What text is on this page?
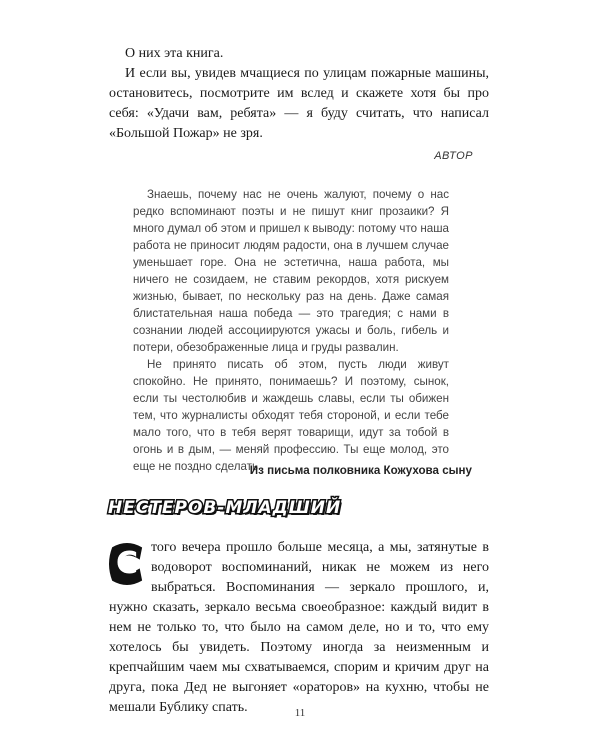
О них эта книга.

И если вы, увидев мчащиеся по улицам пожарные машины, остановитесь, посмотрите им вслед и скажете хотя бы про себя: «Удачи вам, ребята» — я буду считать, что написал «Большой Пожар» не зря.

АВТОР

Знаешь, почему нас не очень жалуют, почему о нас редко вспоминают поэты и не пишут книг прозаики? Я много думал об этом и пришел к выводу: потому что наша работа не приносит людям радости, она в лучшем случае уменьшает горе. Она не эстетична, наша работа, мы ничего не созидаем, не ставим рекордов, хотя рискуем жизнью, бывает, по нескольку раз на день. Даже самая блистательная наша победа — это трагедия; с нами в сознании людей ассоциируются ужасы и боль, гибель и потери, обезображенные лица и груды развалин.

Не принято писать об этом, пусть люди живут спокойно. Не принято, понимаешь? И поэтому, сынок, если ты честолюбив и жаждешь славы, если ты обижен тем, что журналисты обходят тебя стороной, и если тебе мало того, что в тебя верят товарищи, идут за тобой в огонь и в дым, — меняй профессию. Ты еще молод, это еще не поздно сделать.

Из письма полковника Кожухова сыну
НЕСТЕРОВ-МЛАДШИЙ
С того вечера прошло больше месяца, а мы, затянутые в водоворот воспоминаний, никак не можем из него выбраться. Воспоминания — зеркало прошлого, и, нужно сказать, зеркало весьма своеобразное: каждый видит в нем не только то, что было на самом деле, но и то, что ему хотелось бы увидеть. Поэтому иногда за неизменным и крепчайшим чаем мы схватываемся, спорим и кричим друг на друга, пока Дед не выгоняет «ораторов» на кухню, чтобы не мешали Бублику спать.	11
